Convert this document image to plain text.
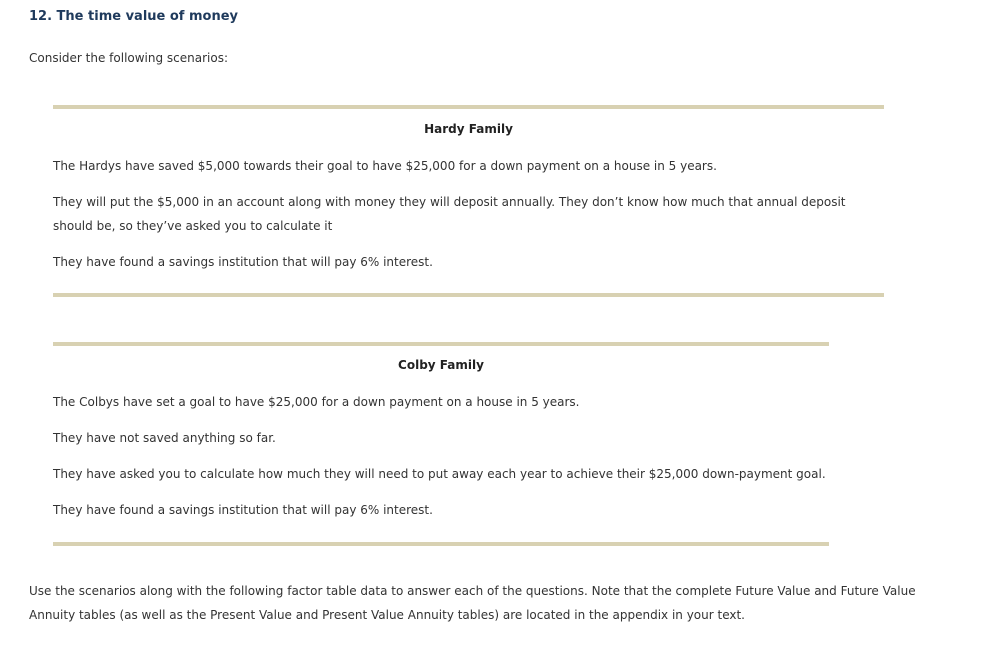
12. The time value of money

Consider the following scenarios:

Hardy Family

The Hardys have saved $5,000 towards their goal to have $25,000 for a down payment on a house in 5 years.

They will put the $5,000 in an account along with money they will deposit annually. They don’t know how much that annual deposit should be, so they’ve asked you to calculate it

They have found a savings institution that will pay 6% interest.

Colby Family

The Colbys have set a goal to have $25,000 for a down payment on a house in 5 years.

They have not saved anything so far.

They have asked you to calculate how much they will need to put away each year to achieve their $25,000 down-payment goal.

They have found a savings institution that will pay 6% interest.

Use the scenarios along with the following factor table data to answer each of the questions. Note that the complete Future Value and Future Value Annuity tables (as well as the Present Value and Present Value Annuity tables) are located in the appendix in your text.
